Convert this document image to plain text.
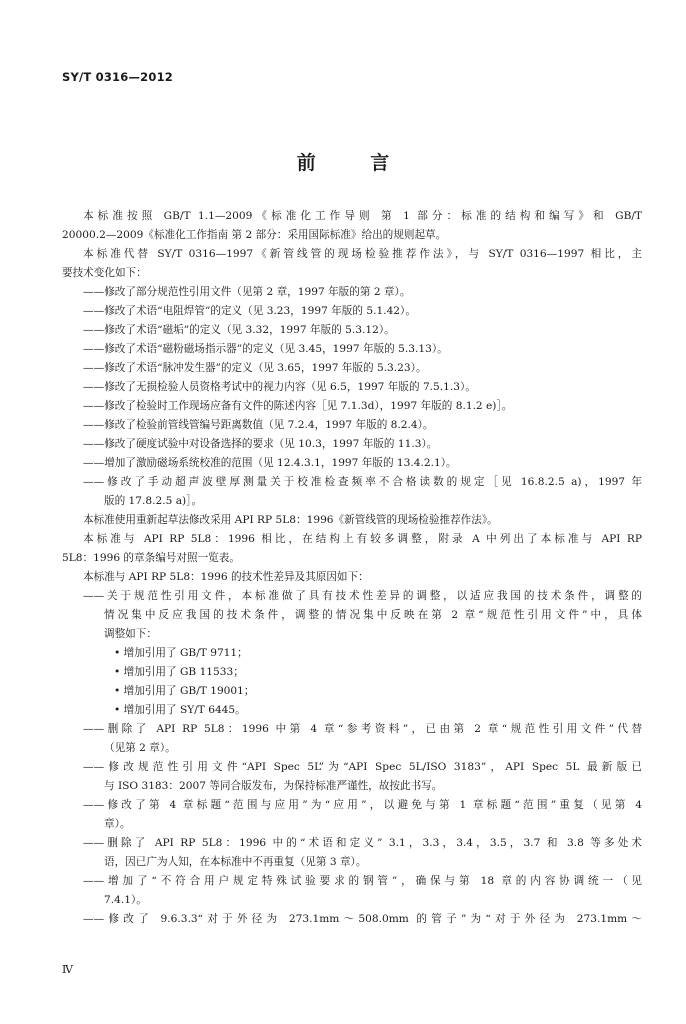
SY/T 0316—2012
前 言
本标准按照 GB/T 1.1—2009《标准化工作导则 第 1 部分：标准的结构和编写》和 GB/T
20000.2—2009《标准化工作指南 第 2 部分：采用国际标准》给出的规则起草。
本标准代替 SY/T 0316—1997《新管线管的现场检验推荐作法》，与 SY/T 0316—1997 相比，主
要技术变化如下：
——修改了部分规范性引用文件（见第 2 章，1997 年版的第 2 章）。
——修改了术语“电阻焊管”的定义（见 3.23，1997 年版的 5.1.42）。
——修改了术语“磁垢”的定义（见 3.32，1997 年版的 5.3.12）。
——修改了术语“磁粉磁场指示器”的定义（见 3.45，1997 年版的 5.3.13）。
——修改了术语“脉冲发生器”的定义（见 3.65，1997 年版的 5.3.23）。
——修改了无损检验人员资格考试中的视力内容（见 6.5，1997 年版的 7.5.1.3）。
——修改了检验时工作现场应备有文件的陈述内容［见 7.1.3d），1997 年版的 8.1.2 e)］。
——修改了检验前管线管编号距离数值（见 7.2.4，1997 年版的 8.2.4）。
——修改了硬度试验中对设备选择的要求（见 10.3，1997 年版的 11.3）。
——增加了激励磁场系统校准的范围（见 12.4.3.1，1997 年版的 13.4.2.1）。
——修改了手动超声波壁厚测量关于校准检查频率不合格读数的规定［见 16.8.2.5 a)，1997 年
版的 17.8.2.5 a)］。
本标准使用重新起草法修改采用 API RP 5L8：1996《新管线管的现场检验推荐作法》。
本标准与 API RP 5L8：1996 相比，在结构上有较多调整，附录 A 中列出了本标准与 API RP
5L8：1996 的章条编号对照一览表。
本标准与 API RP 5L8：1996 的技术性差异及其原因如下：
——关于规范性引用文件，本标准做了具有技术性差异的调整，以适应我国的技术条件，调整的
情况集中反应我国的技术条件，调整的情况集中反映在第 2 章“规范性引用文件”中，具体
调整如下：
• 增加引用了 GB/T 9711；
• 增加引用了 GB 11533；
• 增加引用了 GB/T 19001；
• 增加引用了 SY/T 6445。
——删除了 API RP 5L8：1996 中第 4 章“参考资料”，已由第 2 章“规范性引用文件”代替
（见第 2 章）。
——修改规范性引用文件“API Spec 5L”为“API Spec 5L/ISO 3183”，API Spec 5L 最新版已
与 ISO 3183：2007 等同合版发布，为保持标准严谨性，故按此书写。
——修改了第 4 章标题“范围与应用”为“应用”，以避免与第 1 章标题“范围”重复（见第 4
章）。
——删除了 API RP 5L8：1996 中的“术语和定义” 3.1，3.3，3.4，3.5，3.7 和 3.8 等多处术
语，因已广为人知，在本标准中不再重复（见第 3 章）。
——增加了“不符合用户规定特殊试验要求的钢管”，确保与第 18 章的内容协调统一（见
7.4.1）。
——修改了 9.6.3.3“对于外径为 273.1mm～508.0mm 的管子”为“对于外径为 273.1mm～
Ⅳ
